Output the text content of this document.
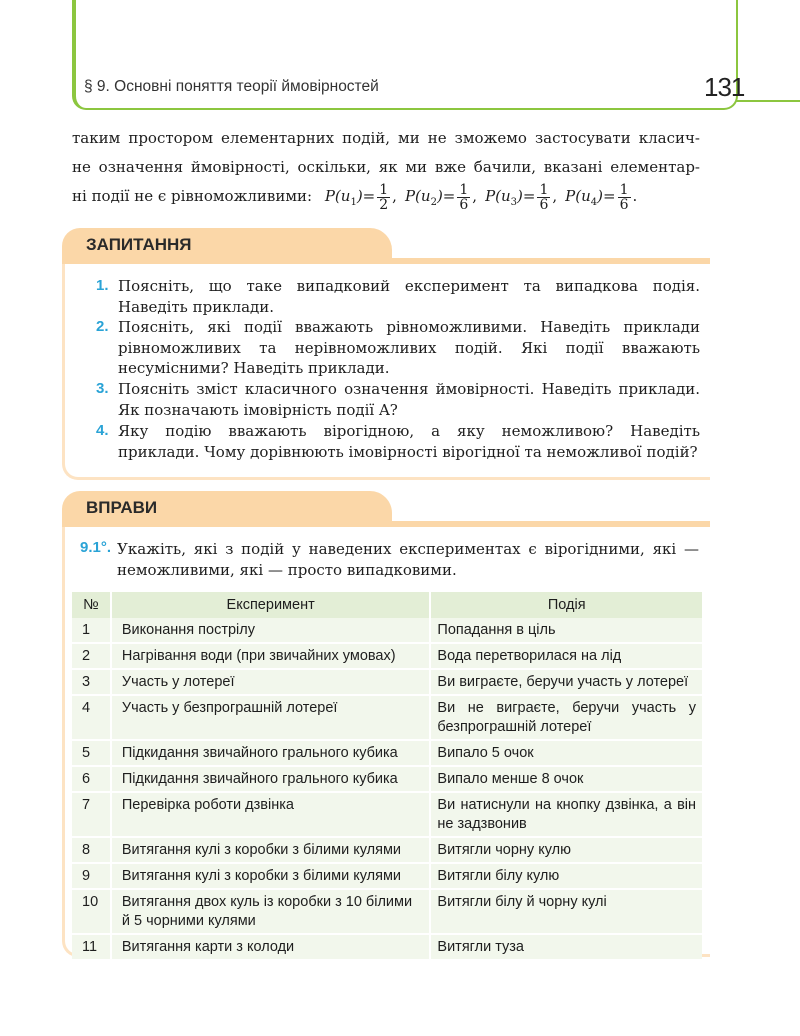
§ 9. Основні поняття теорії ймовірностей	131
таким простором елементарних подій, ми не зможемо застосувати класич-
не означення ймовірності, оскільки, як ми вже бачили, вказані елементар-
ні події не є рівноможливими: $P(u_1)= \frac{1}{2}$ , $P(u_2)= \frac{1}{6}$ , $P(u_3)= \frac{1}{6}$ , $P(u_4)= \frac{1}{6}$ .
ЗАПИТАННЯ
1. Поясніть, що таке випадковий експеримент та випадкова подія. Наведіть приклади.
2. Поясніть, які події вважають рівноможливими. Наведіть приклади рівноможливих та нерівноможливих подій. Які події вважають несумісними? Наведіть приклади.
3. Поясніть зміст класичного означення ймовірності. Наведіть приклади. Як позначають імовірність події A?
4. Яку подію вважають вірогідною, а яку неможливою? Наведіть приклади. Чому дорівнюють імовірності вірогідної та неможливої подій?
ВПРАВИ
9.1°. Укажіть, які з подій у наведених експериментах є вірогідними, які — неможливими, які — просто випадковими.
№	Експеримент	Подія
1	Виконання пострілу	Попадання в ціль
2	Нагрівання води (при звичайних умовах)	Вода перетворилася на лід
3	Участь у лотереї	Ви виграєте, беручи участь у лотереї
4	Участь у безпрограшній лотереї	Ви не виграєте, беручи участь у безпрограшній лотереї
5	Підкидання звичайного грального кубика	Випало 5 очок
6	Підкидання звичайного грального кубика	Випало менше 8 очок
7	Перевірка роботи дзвінка	Ви натиснули на кнопку дзвінка, а він не задзвонив
8	Витягання кулі з коробки з білими кулями	Витягли чорну кулю
9	Витягання кулі з коробки з білими кулями	Витягли білу кулю
10	Витягання двох куль із коробки з 10 білими й 5 чорними кулями	Витягли білу й чорну кулі
11	Витягання карти з колоди	Витягли туза
